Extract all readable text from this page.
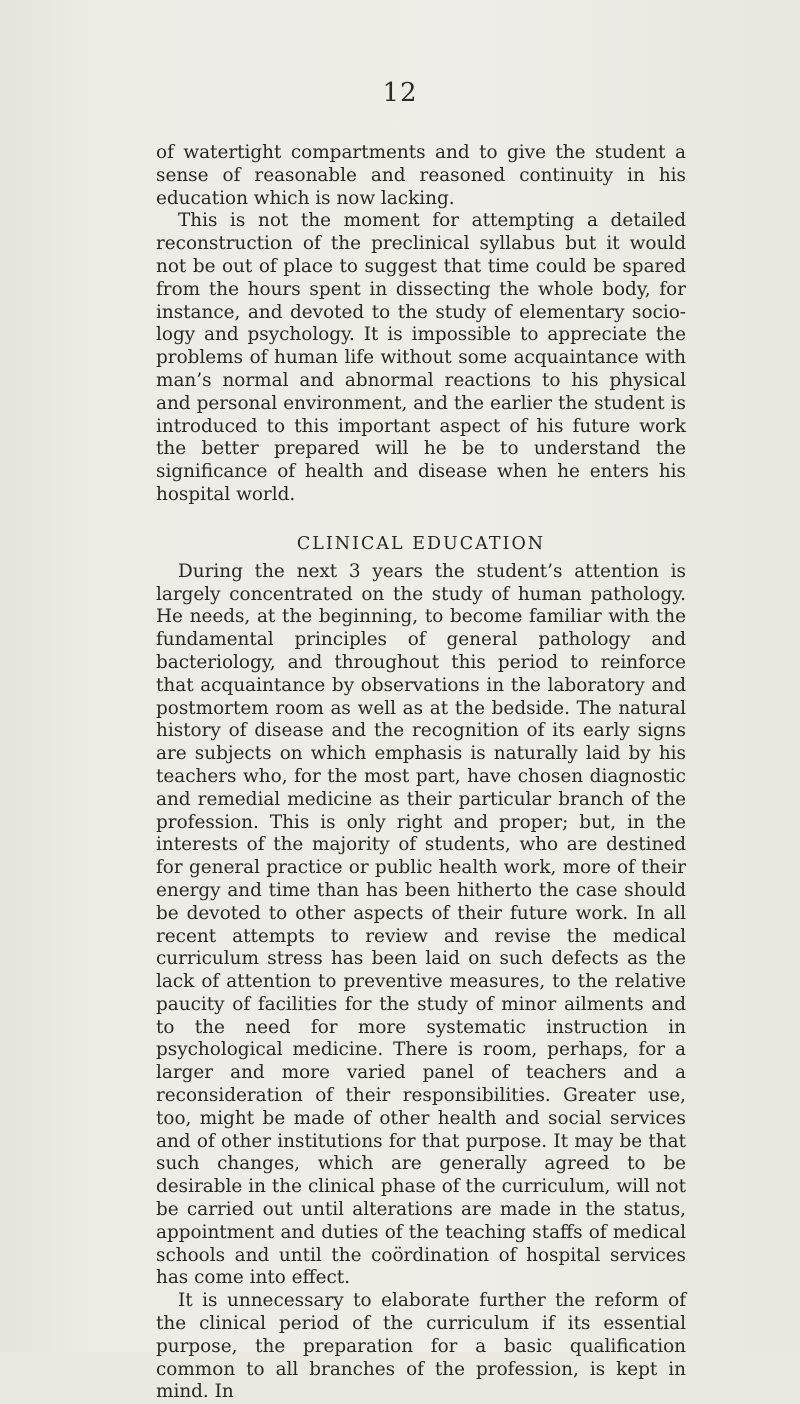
12

of watertight compartments and to give the student a sense of reasonable and reasoned continuity in his education which is now lacking.

This is not the moment for attempting a detailed reconstruction of the preclinical syllabus but it would not be out of place to suggest that time could be spared from the hours spent in dissecting the whole body, for instance, and devoted to the study of elementary sociology and psychology. It is impossible to appreciate the problems of human life without some acquaintance with man’s normal and abnormal reactions to his physical and personal environment, and the earlier the student is introduced to this important aspect of his future work the better prepared will he be to understand the significance of health and disease when he enters his hospital world.

CLINICAL EDUCATION

During the next 3 years the student’s attention is largely concentrated on the study of human pathology. He needs, at the beginning, to become familiar with the fundamental principles of general pathology and bacteriology, and throughout this period to reinforce that acquaintance by observations in the laboratory and postmortem room as well as at the bedside. The natural history of disease and the recognition of its early signs are subjects on which emphasis is naturally laid by his teachers who, for the most part, have chosen diagnostic and remedial medicine as their particular branch of the profession. This is only right and proper; but, in the interests of the majority of students, who are destined for general practice or public health work, more of their energy and time than has been hitherto the case should be devoted to other aspects of their future work. In all recent attempts to review and revise the medical curriculum stress has been laid on such defects as the lack of attention to preventive measures, to the relative paucity of facilities for the study of minor ailments and to the need for more systematic instruction in psychological medicine. There is room, perhaps, for a larger and more varied panel of teachers and a reconsideration of their responsibilities. Greater use, too, might be made of other health and social services and of other institutions for that purpose. It may be that such changes, which are generally agreed to be desirable in the clinical phase of the curriculum, will not be carried out until alterations are made in the status, appointment and duties of the teaching staffs of medical schools and until the coördination of hospital services has come into effect.

It is unnecessary to elaborate further the reform of the clinical period of the curriculum if its essential purpose, the preparation for a basic qualification common to all branches of the profession, is kept in mind. In
